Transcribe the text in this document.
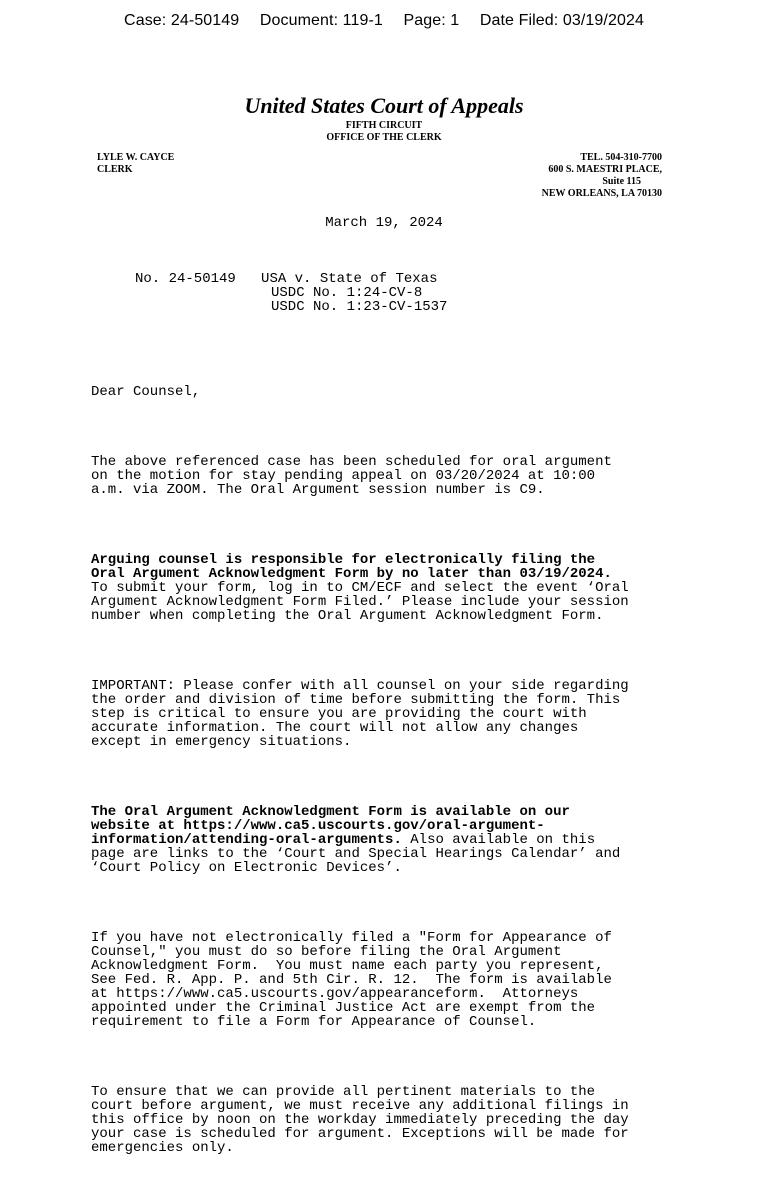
Case: 24-50149 Document: 119-1 Page: 1 Date Filed: 03/19/2024
United States Court of Appeals
FIFTH CIRCUIT
OFFICE OF THE CLERK
LYLE W. CAYCE
CLERK
TEL. 504-310-7700
600 S. MAESTRI PLACE,
Suite 115
NEW ORLEANS, LA 70130
March 19, 2024
No. 24-50149 USA v. State of Texas
USDC No. 1:24-CV-8
USDC No. 1:23-CV-1537

Dear Counsel,

The above referenced case has been scheduled for oral argument
on the motion for stay pending appeal on 03/20/2024 at 10:00
a.m. via ZOOM. The Oral Argument session number is C9.

Arguing counsel is responsible for electronically filing the
Oral Argument Acknowledgment Form by no later than 03/19/2024.
To submit your form, log in to CM/ECF and select the event ‘Oral
Argument Acknowledgment Form Filed.’ Please include your session
number when completing the Oral Argument Acknowledgment Form.

IMPORTANT: Please confer with all counsel on your side regarding
the order and division of time before submitting the form. This
step is critical to ensure you are providing the court with
accurate information. The court will not allow any changes
except in emergency situations.

The Oral Argument Acknowledgment Form is available on our
website at https://www.ca5.uscourts.gov/oral-argument-
information/attending-oral-arguments. Also available on this
page are links to the ‘Court and Special Hearings Calendar’ and
‘Court Policy on Electronic Devices’.

If you have not electronically filed a "Form for Appearance of
Counsel," you must do so before filing the Oral Argument
Acknowledgment Form.  You must name each party you represent,
See Fed. R. App. P. and 5th Cir. R. 12.  The form is available
at https://www.ca5.uscourts.gov/appearanceform.  Attorneys
appointed under the Criminal Justice Act are exempt from the
requirement to file a Form for Appearance of Counsel.

To ensure that we can provide all pertinent materials to the
court before argument, we must receive any additional filings in
this office by noon on the workday immediately preceding the day
your case is scheduled for argument. Exceptions will be made for
emergencies only.
